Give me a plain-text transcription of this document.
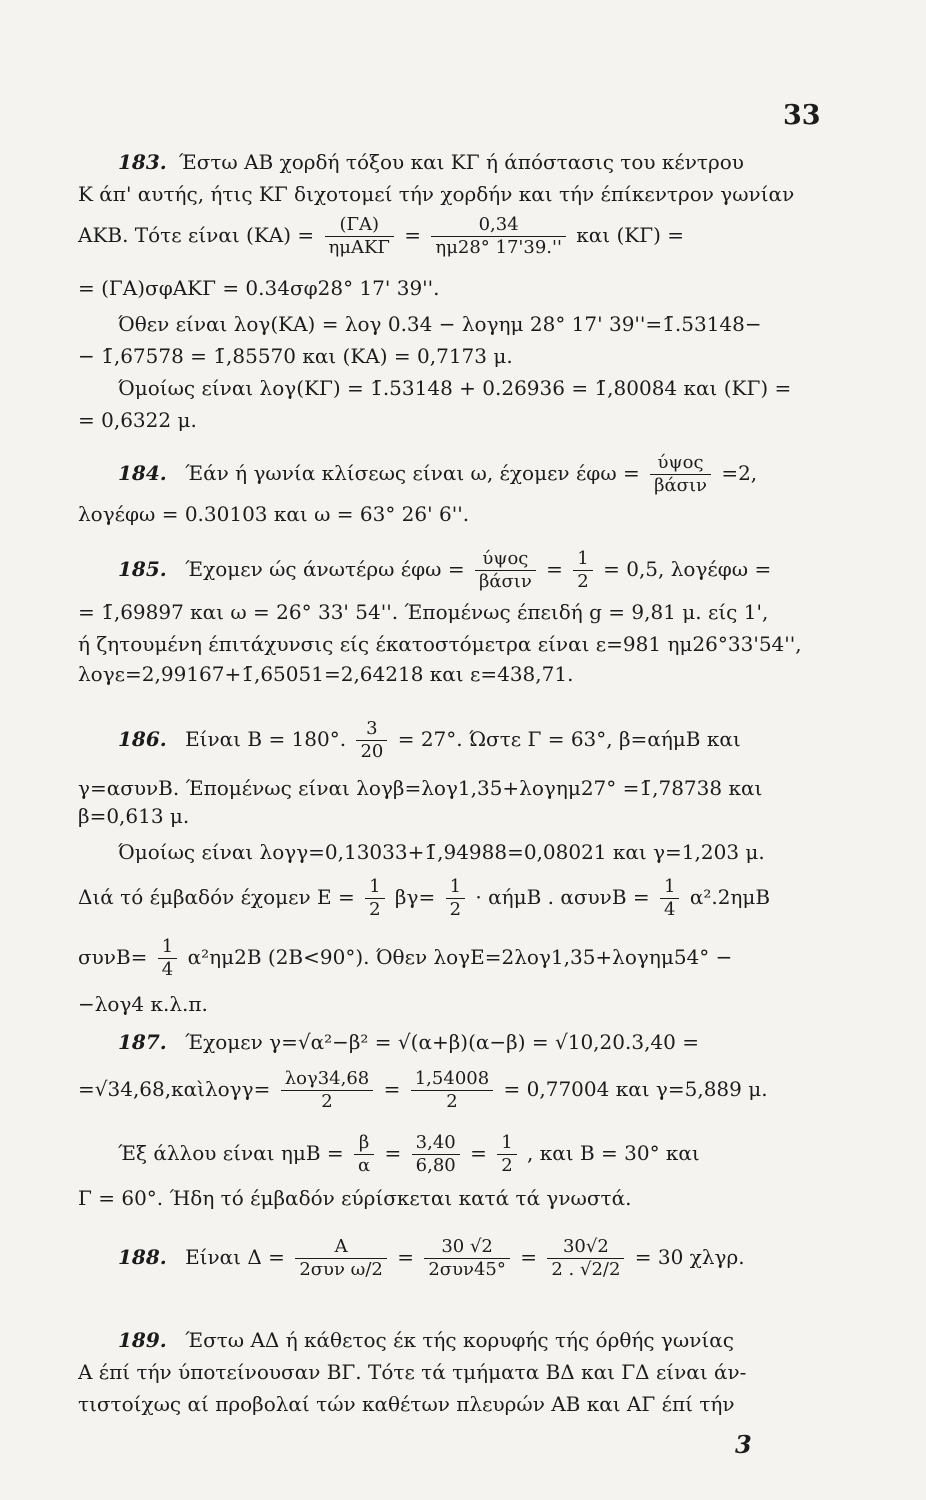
33
183. Έστω ΑΒ χορδή τόξου και ΚΓ ή άπόστασις του κέντρου
Κ άπ' αυτής, ήτις ΚΓ διχοτομεί τήν χορδήν και τήν έπίκεντρον γωνίαν
ΑΚΒ. Τότε είναι $(KA) = \frac{(\Gamma A)}{\text{ημΑΚΓ}} = \frac{0,34}{\eta\mu 28^\circ 17'39.''}$ και (ΚΓ) =
= (ΓΑ)σφΑΚΓ = 0.34σφ28° 17' 39''.
Όθεν είναι λογ(ΚΑ) = λογ 0.34 − λογημ 28° 17' 39''=1̄.53148−
− 1̄,67578 = 1̄,85570 και (ΚΑ) = 0,7173 μ.
Όμοίως είναι λογ(ΚΓ) = 1̄.53148 + 0.26936 = 1̄,80084 και (ΚΓ) =
= 0,6322 μ.
184. Έάν ή γωνία κλίσεως είναι ω, έχομεν $έ\varphi\omega = \frac{\text{ύψος}}{\text{βάσιν}} =2$,
λογέφω = 0.30103 και ω = 63° 26' 6''.
185. Έχομεν ώς άνωτέρω $έ\varphi\omega = \frac{\text{ύψος}}{\text{βάσιν}} = \frac{1}{2} = 0,5$, λογέφω =
= 1̄,69897 και ω = 26° 33' 54''. Έπομένως έπειδή g = 9,81 μ. είς 1',
ή ζητουμένη έπιτάχυνσις είς έκατοστόμετρα είναι ε=981 ημ26°33'54'',
λογε=2,99167+1̄,65051=2,64218 και ε=438,71.
186. Είναι Β = 180°. $\frac{3}{20} = 27^\circ$. Ώστε Γ = 63°, β=αήμΒ και
γ=ασυνΒ. Έπομένως είναι λογβ=λογ1,35+λογημ27° =1̄,78738 και
β=0,613 μ.
Όμοίως είναι λογγ=0,13033+1̄,94988=0,08021 και γ=1,203 μ.
Διά τό έμβαδόν έχομεν $E = \frac{1}{2} \beta\gamma= \frac{1}{2} \cdot \alpha ή\mu B$ . $\alpha\sigma\upsilon\nu B = \frac{1}{4} \alpha^2.2\eta\mu B$
$\sigma\upsilon\nu B= \frac{1}{4} \alpha^2\eta\mu 2B$ (2Β<90°). Όθεν λογΕ=2λογ1,35+λογημ54° −
−λογ4 κ.λ.π.
187. Έχομεν γ=√α²−β² = √(α+β)(α−β) = √10,20.3,40 =
=√34,68,καὶλογγ= $\frac{\text{λογ34,68}}{2} = \frac{1,54008}{2} = 0,77004$ και γ=5,889 μ.
Έξ άλλου είναι $\eta\mu B = \frac{\beta}{\alpha} = \frac{3,40}{6,80} = \frac{1}{2}$ , και Β = 30° και
Γ = 60°. Ήδη τό έμβαδόν εύρίσκεται κατά τά γνωστά.
188. Είναι $\Delta = \frac{A}{\text{2συν ω/2}} = \frac{30 √2}{\text{2συν45°}} = \frac{30√2}{2 . √2/2} = 30$ χλγρ.
189. Έστω ΑΔ ή κάθετος έκ τής κορυφής τής όρθής γωνίας
Α έπί τήν ύποτείνουσαν ΒΓ. Τότε τά τμήματα ΒΔ και ΓΔ είναι άν-
τιστοίχως αί προβολαί τών καθέτων πλευρών ΑΒ και ΑΓ έπί τήν
3
